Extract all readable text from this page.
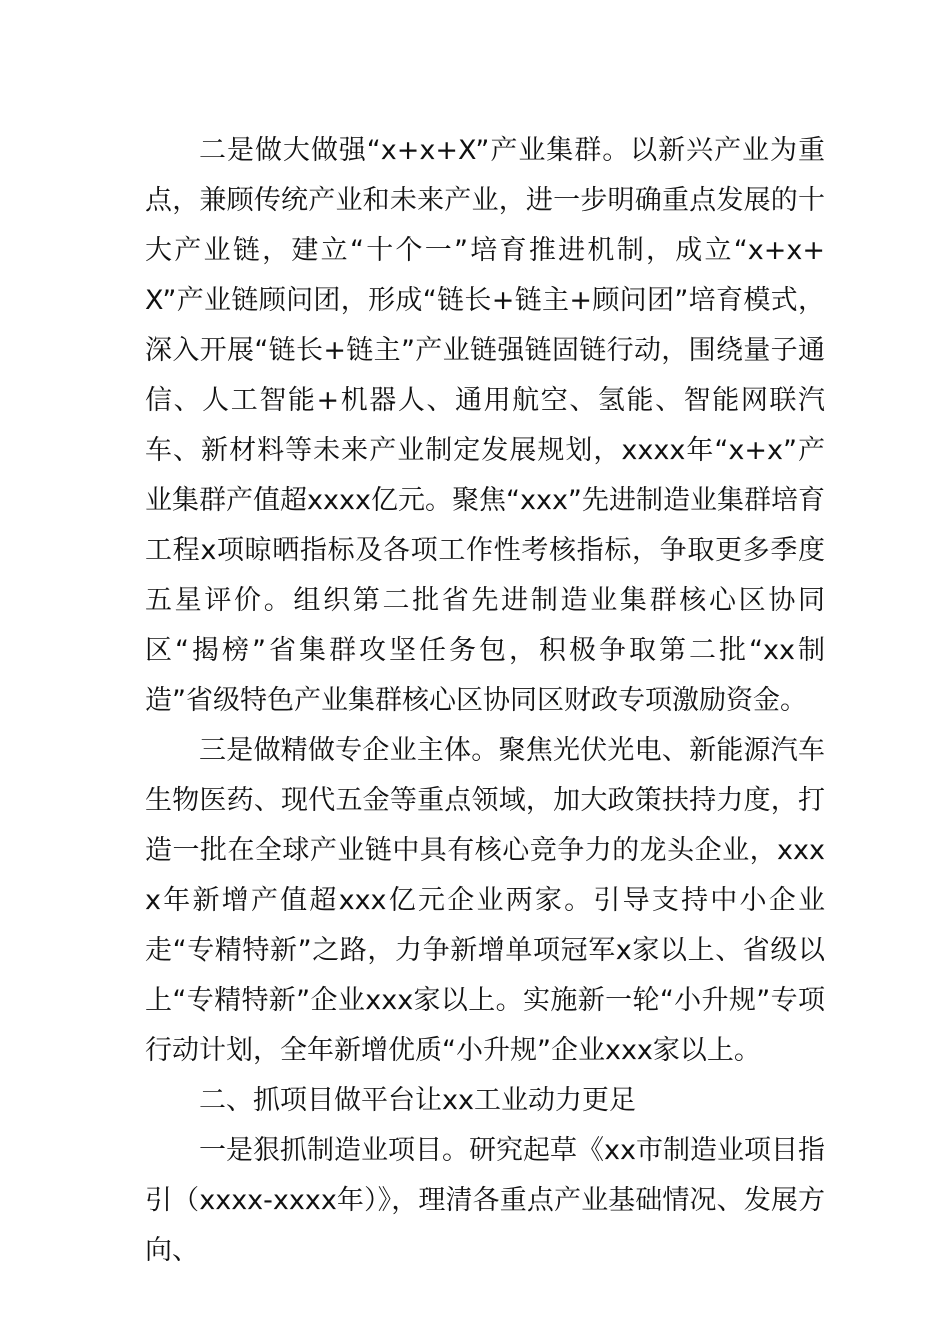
二是做大做强“x+x+X”产业集群。以新兴产业为重点，兼顾传统产业和未来产业，进一步明确重点发展的十大产业链，建立“十个一”培育推进机制，成立“x+x+X”产业链顾问团，形成“链长+链主+顾问团”培育模式，深入开展“链长+链主”产业链强链固链行动，围绕量子通信、人工智能+机器人、通用航空、氢能、智能网联汽车、新材料等未来产业制定发展规划，xxxx年“x+x”产业集群产值超xxxx亿元。聚焦“xxx”先进制造业集群培育工程x项晾晒指标及各项工作性考核指标，争取更多季度五星评价。组织第二批省先进制造业集群核心区协同区“揭榜”省集群攻坚任务包，积极争取第二批“xx制造”省级特色产业集群核心区协同区财政专项激励资金。

三是做精做专企业主体。聚焦光伏光电、新能源汽车生物医药、现代五金等重点领域，加大政策扶持力度，打造一批在全球产业链中具有核心竞争力的龙头企业，xxxx年新增产值超xxx亿元企业两家。引导支持中小企业走“专精特新”之路，力争新增单项冠军x家以上、省级以上“专精特新”企业xxx家以上。实施新一轮“小升规”专项行动计划，全年新增优质“小升规”企业xxx家以上。

二、抓项目做平台让xx工业动力更足

一是狠抓制造业项目。研究起草《xx市制造业项目指引（xxxx-xxxx年）》，理清各重点产业基础情况、发展方向、
